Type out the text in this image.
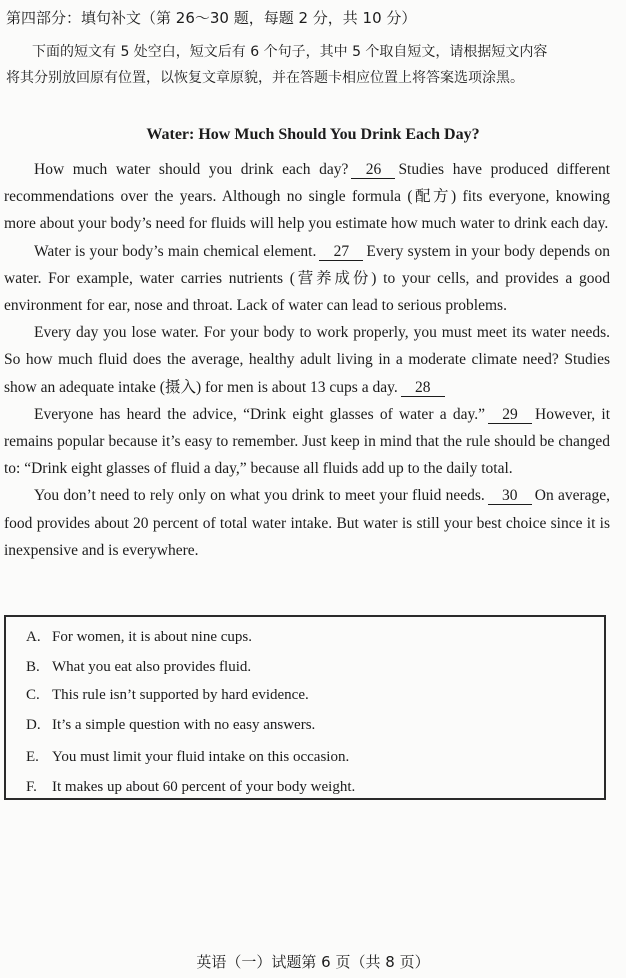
第四部分：填句补文（第 26～30 题，每题 2 分，共 10 分）
下面的短文有 5 处空白，短文后有 6 个句子，其中 5 个取自短文，请根据短文内容
将其分别放回原有位置，以恢复文章原貌，并在答题卡相应位置上将答案选项涂黑。
Water: How Much Should You Drink Each Day?

How much water should you drink each day? 26 Studies have produced different recommendations over the years. Although no single formula (配方) fits everyone, knowing more about your body’s need for fluids will help you estimate how much water to drink each day.

Water is your body’s main chemical element. 27 Every system in your body depends on water. For example, water carries nutrients (营养成份) to your cells, and provides a good environment for ear, nose and throat. Lack of water can lead to serious problems.

Every day you lose water. For your body to work properly, you must meet its water needs. So how much fluid does the average, healthy adult living in a moderate climate need? Studies show an adequate intake (摄入) for men is about 13 cups a day. 28

Everyone has heard the advice, “Drink eight glasses of water a day.” 29 However, it remains popular because it’s easy to remember. Just keep in mind that the rule should be changed to: “Drink eight glasses of fluid a day,” because all fluids add up to the daily total.

You don’t need to rely only on what you drink to meet your fluid needs. 30 On average, food provides about 20 percent of total water intake. But water is still your best choice since it is inexpensive and is everywhere.

A. For women, it is about nine cups.
B. What you eat also provides fluid.
C. This rule isn’t supported by hard evidence.
D. It’s a simple question with no easy answers.
E. You must limit your fluid intake on this occasion.
F. It makes up about 60 percent of your body weight.
英语（一）试题第 6 页（共 8 页）
